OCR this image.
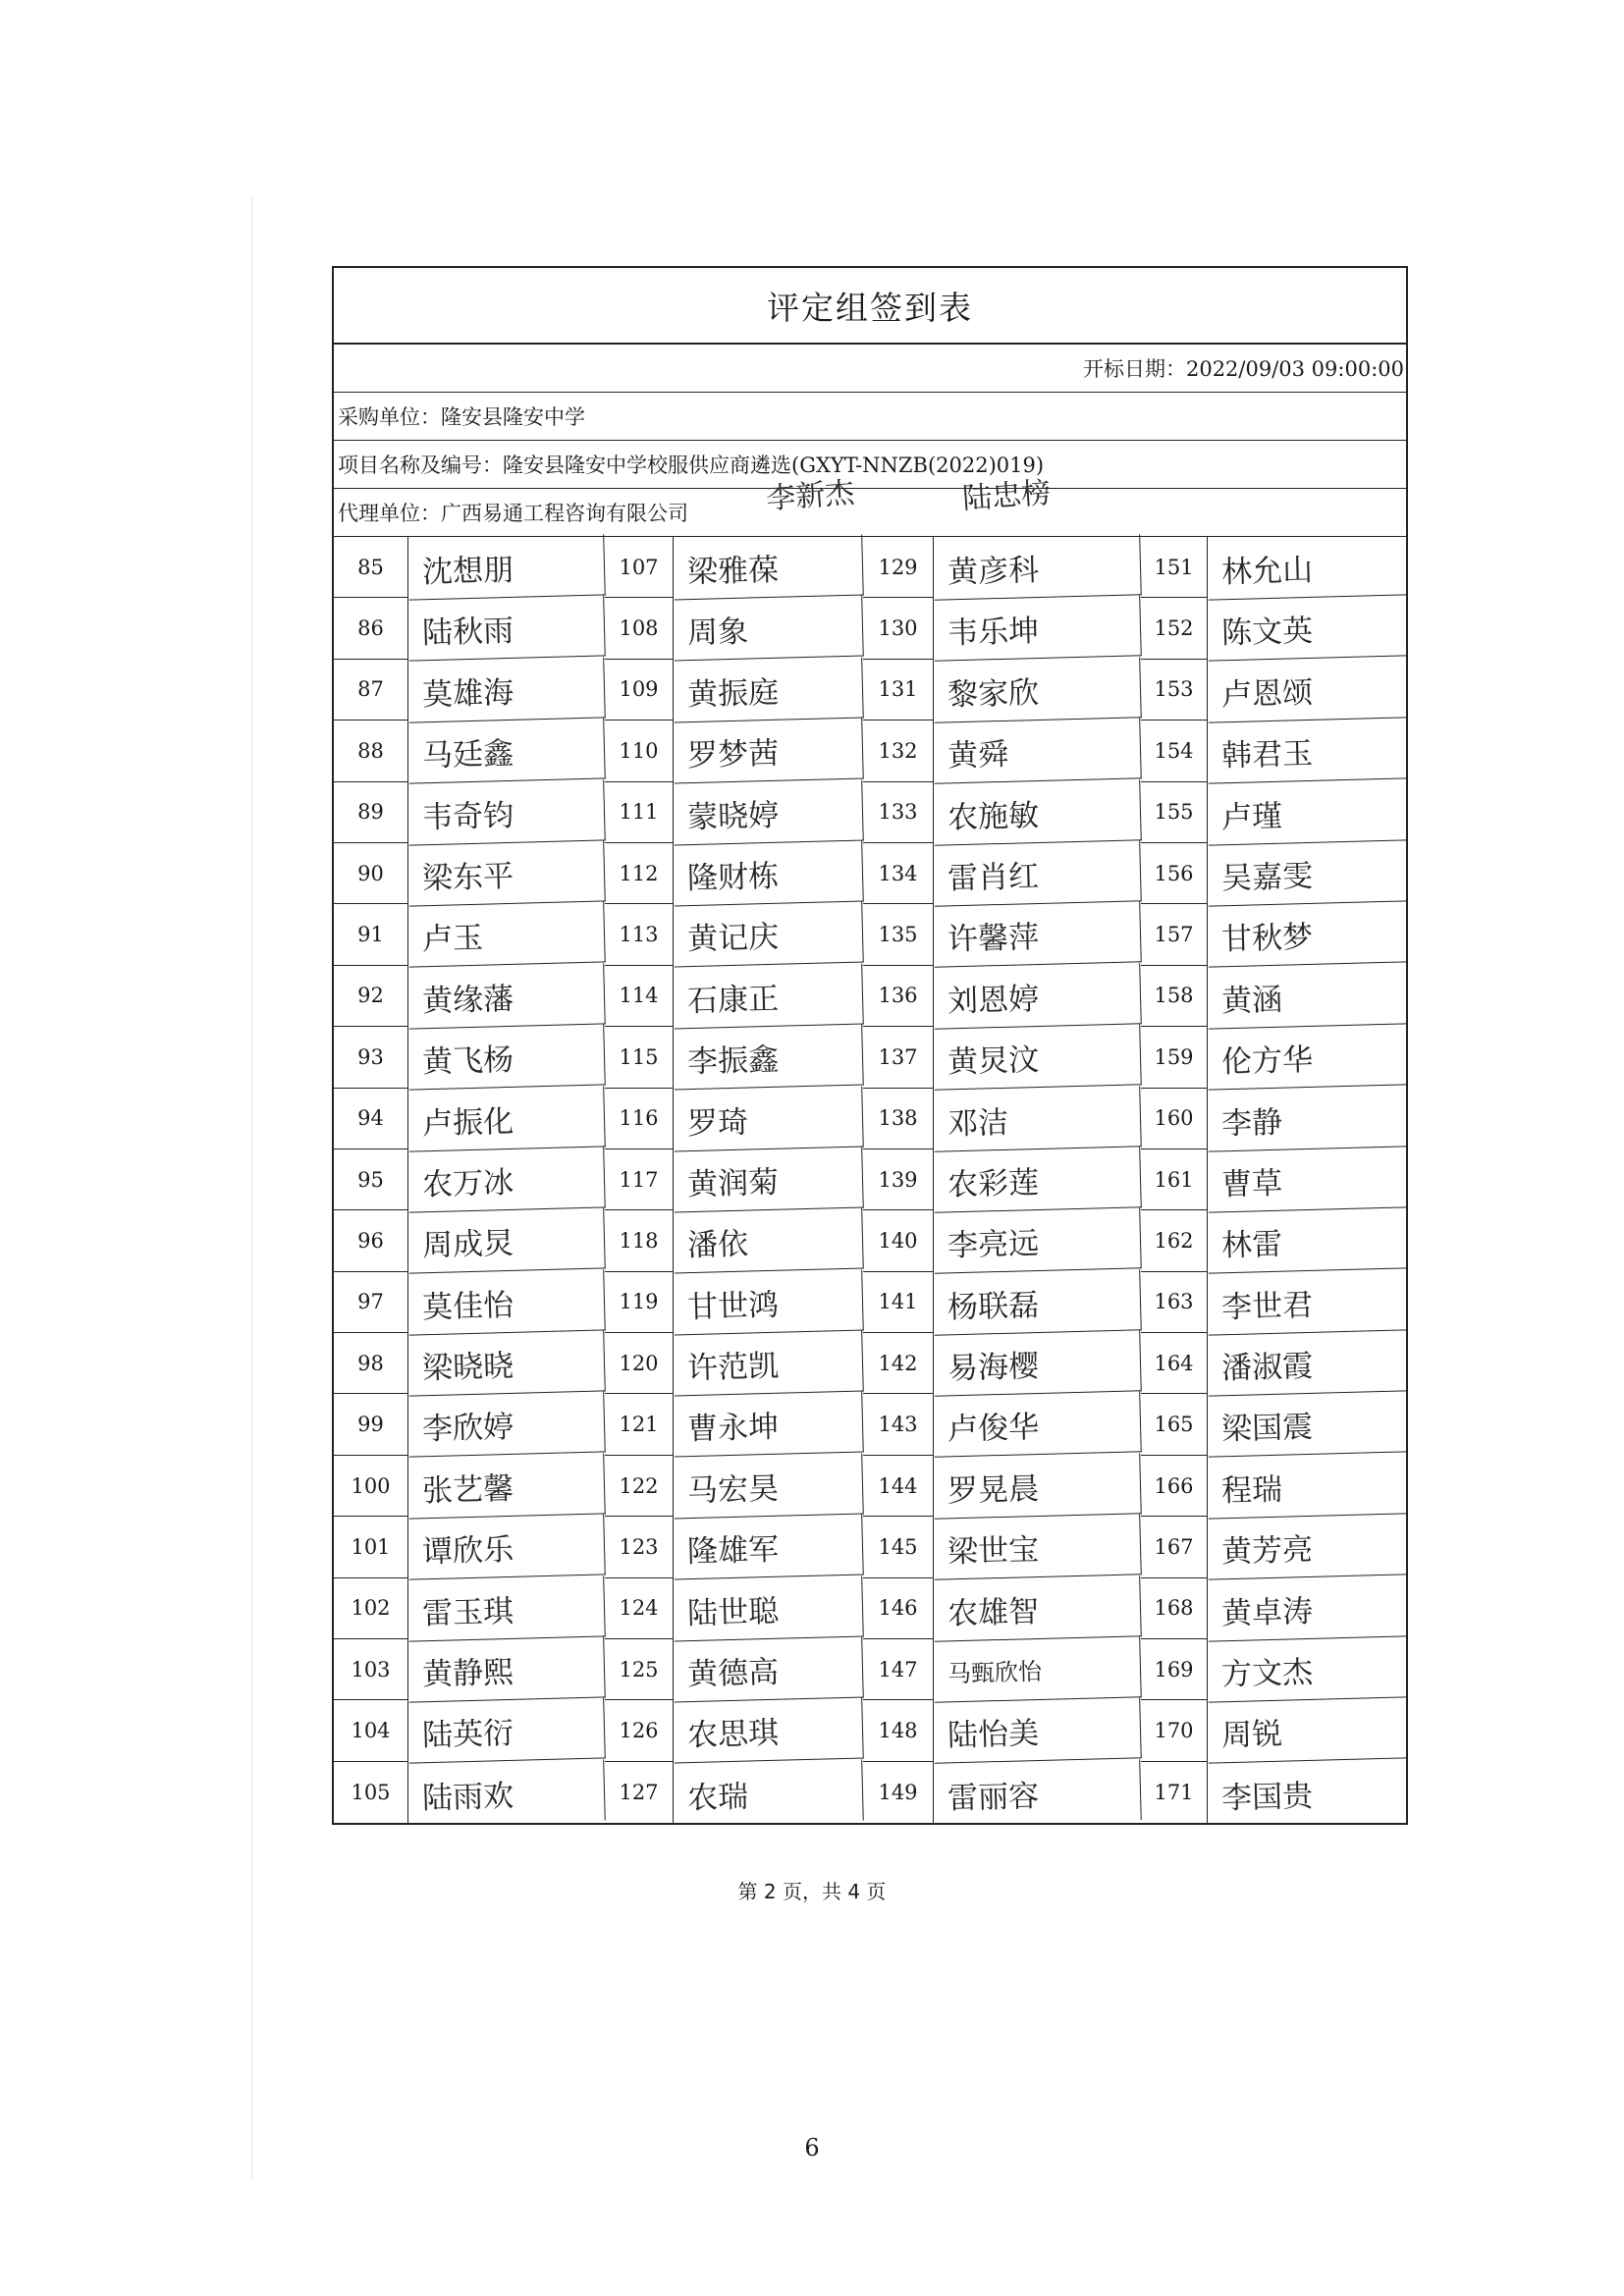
评定组签到表
开标日期：2022/09/03 09:00:00
采购单位：隆安县隆安中学
项目名称及编号：隆安县隆安中学校服供应商遴选(GXYT-NNZB(2022)019)
代理单位：广西易通工程咨询有限公司	李新杰	陆忠榜
85	沈想朋	107 梁雅葆	129 黄彦科	151 林允山
86	陆秋雨	108 周象	130 韦乐坤	152 陈文英
87	莫雄海	109 黄振庭	131 黎家欣	153 卢恩颂
88	马廷鑫	110 罗梦茜	132 黄舜	154 韩君玉
89	韦奇钧	111 蒙晓婷	133 农施敏	155 卢瑾
90	梁东平	112 隆财栋	134 雷肖红	156 吴嘉雯
91	卢玉	113 黄记庆	135 许馨萍	157 甘秋梦
92	黄缘藩	114 石康正	136 刘恩婷	158 黄涵
93	黄飞杨	115 李振鑫	137 黄炅汶	159 伦方华
94	卢振化	116 罗琦	138 邓洁	160 李静
95	农万冰	117 黄润菊	139 农彩莲	161 曹草
96	周成炅	118 潘依	140 李亮远	162 林雷
97	莫佳怡	119 甘世鸿	141 杨联磊	163 李世君
98	梁晓晓	120 许范凯	142 易海樱	164 潘淑霞
99	李欣婷	121 曹永坤	143 卢俊华	165 梁国震
100	张艺馨	122 马宏昊	144 罗晃晨	166 程瑞
101	谭欣乐	123 隆雄军	145 梁世宝	167 黄芳亮
102	雷玉琪	124 陆世聪	146 农雄智	168 黄卓涛
103	黄静熙	125 黄德高	147	马甄欣怡	169 方文杰
104	陆英衍	126 农思琪	148 陆怡美	170 周锐
105	陆雨欢	127 农瑞	149 雷丽容	171 李国贵
第 2 页，共 4 页
6
